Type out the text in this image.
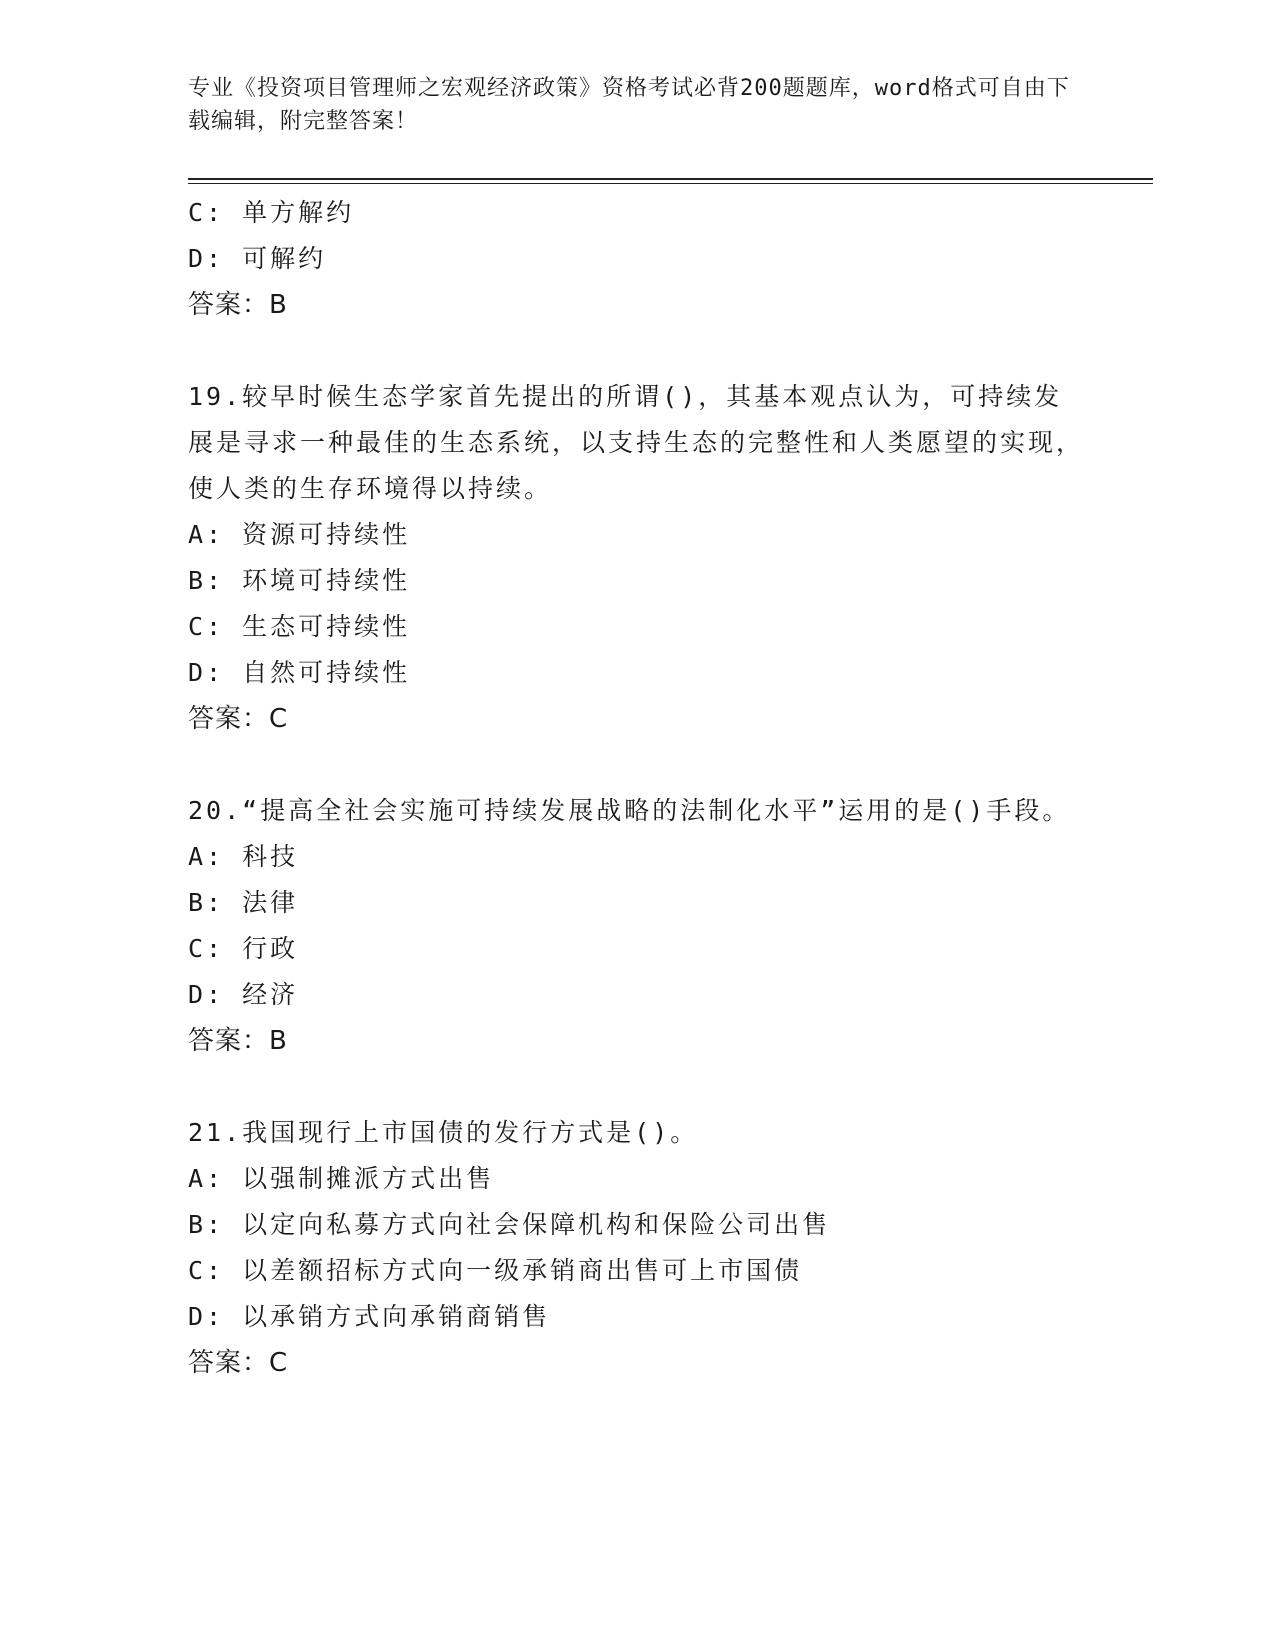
专业《投资项目管理师之宏观经济政策》资格考试必背200题题库，word格式可自由下载编辑，附完整答案！
C: 单方解约
D: 可解约
答案：B
19.较早时候生态学家首先提出的所谓()，其基本观点认为，可持续发展是寻求一种最佳的生态系统，以支持生态的完整性和人类愿望的实现，使人类的生存环境得以持续。
A: 资源可持续性
B: 环境可持续性
C: 生态可持续性
D: 自然可持续性
答案：C
20.“提高全社会实施可持续发展战略的法制化水平”运用的是()手段。
A: 科技
B: 法律
C: 行政
D: 经济
答案：B
21.我国现行上市国债的发行方式是()。
A: 以强制摊派方式出售
B: 以定向私募方式向社会保障机构和保险公司出售
C: 以差额招标方式向一级承销商出售可上市国债
D: 以承销方式向承销商销售
答案：C
